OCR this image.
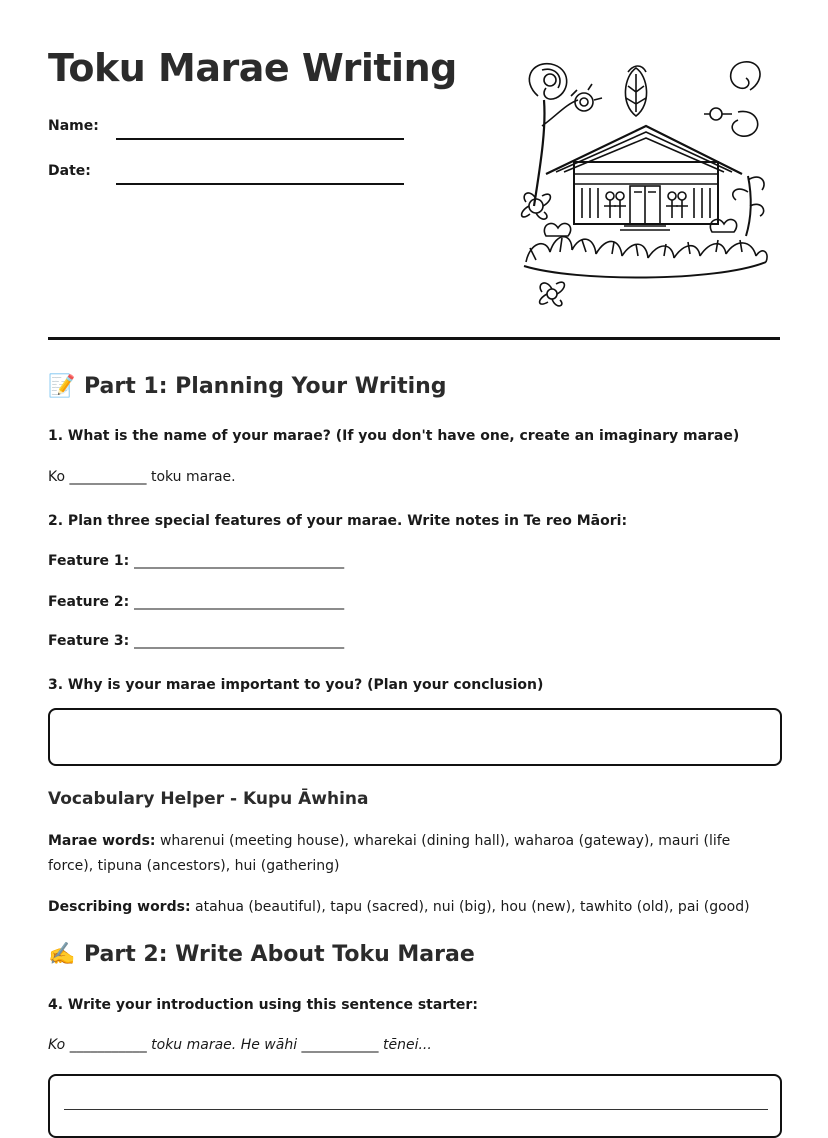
Toku Marae Writing
Name:
Date:
📝 Part 1: Planning Your Writing

1. What is the name of your marae? (If you don't have one, create an imaginary marae)

Ko ___________ toku marae.

2. Plan three special features of your marae. Write notes in Te reo Māori:

Feature 1: ______________________________

Feature 2: ______________________________

Feature 3: ______________________________

3. Why is your marae important to you? (Plan your conclusion)

Vocabulary Helper - Kupu Āwhina

Marae words: wharenui (meeting house), wharekai (dining hall), waharoa (gateway), mauri (life force), tipuna (ancestors), hui (gathering)

Describing words: atahua (beautiful), tapu (sacred), nui (big), hou (new), tawhito (old), pai (good)

✍️ Part 2: Write About Toku Marae

4. Write your introduction using this sentence starter:

Ko ___________ toku marae. He wāhi ___________ tēnei...
